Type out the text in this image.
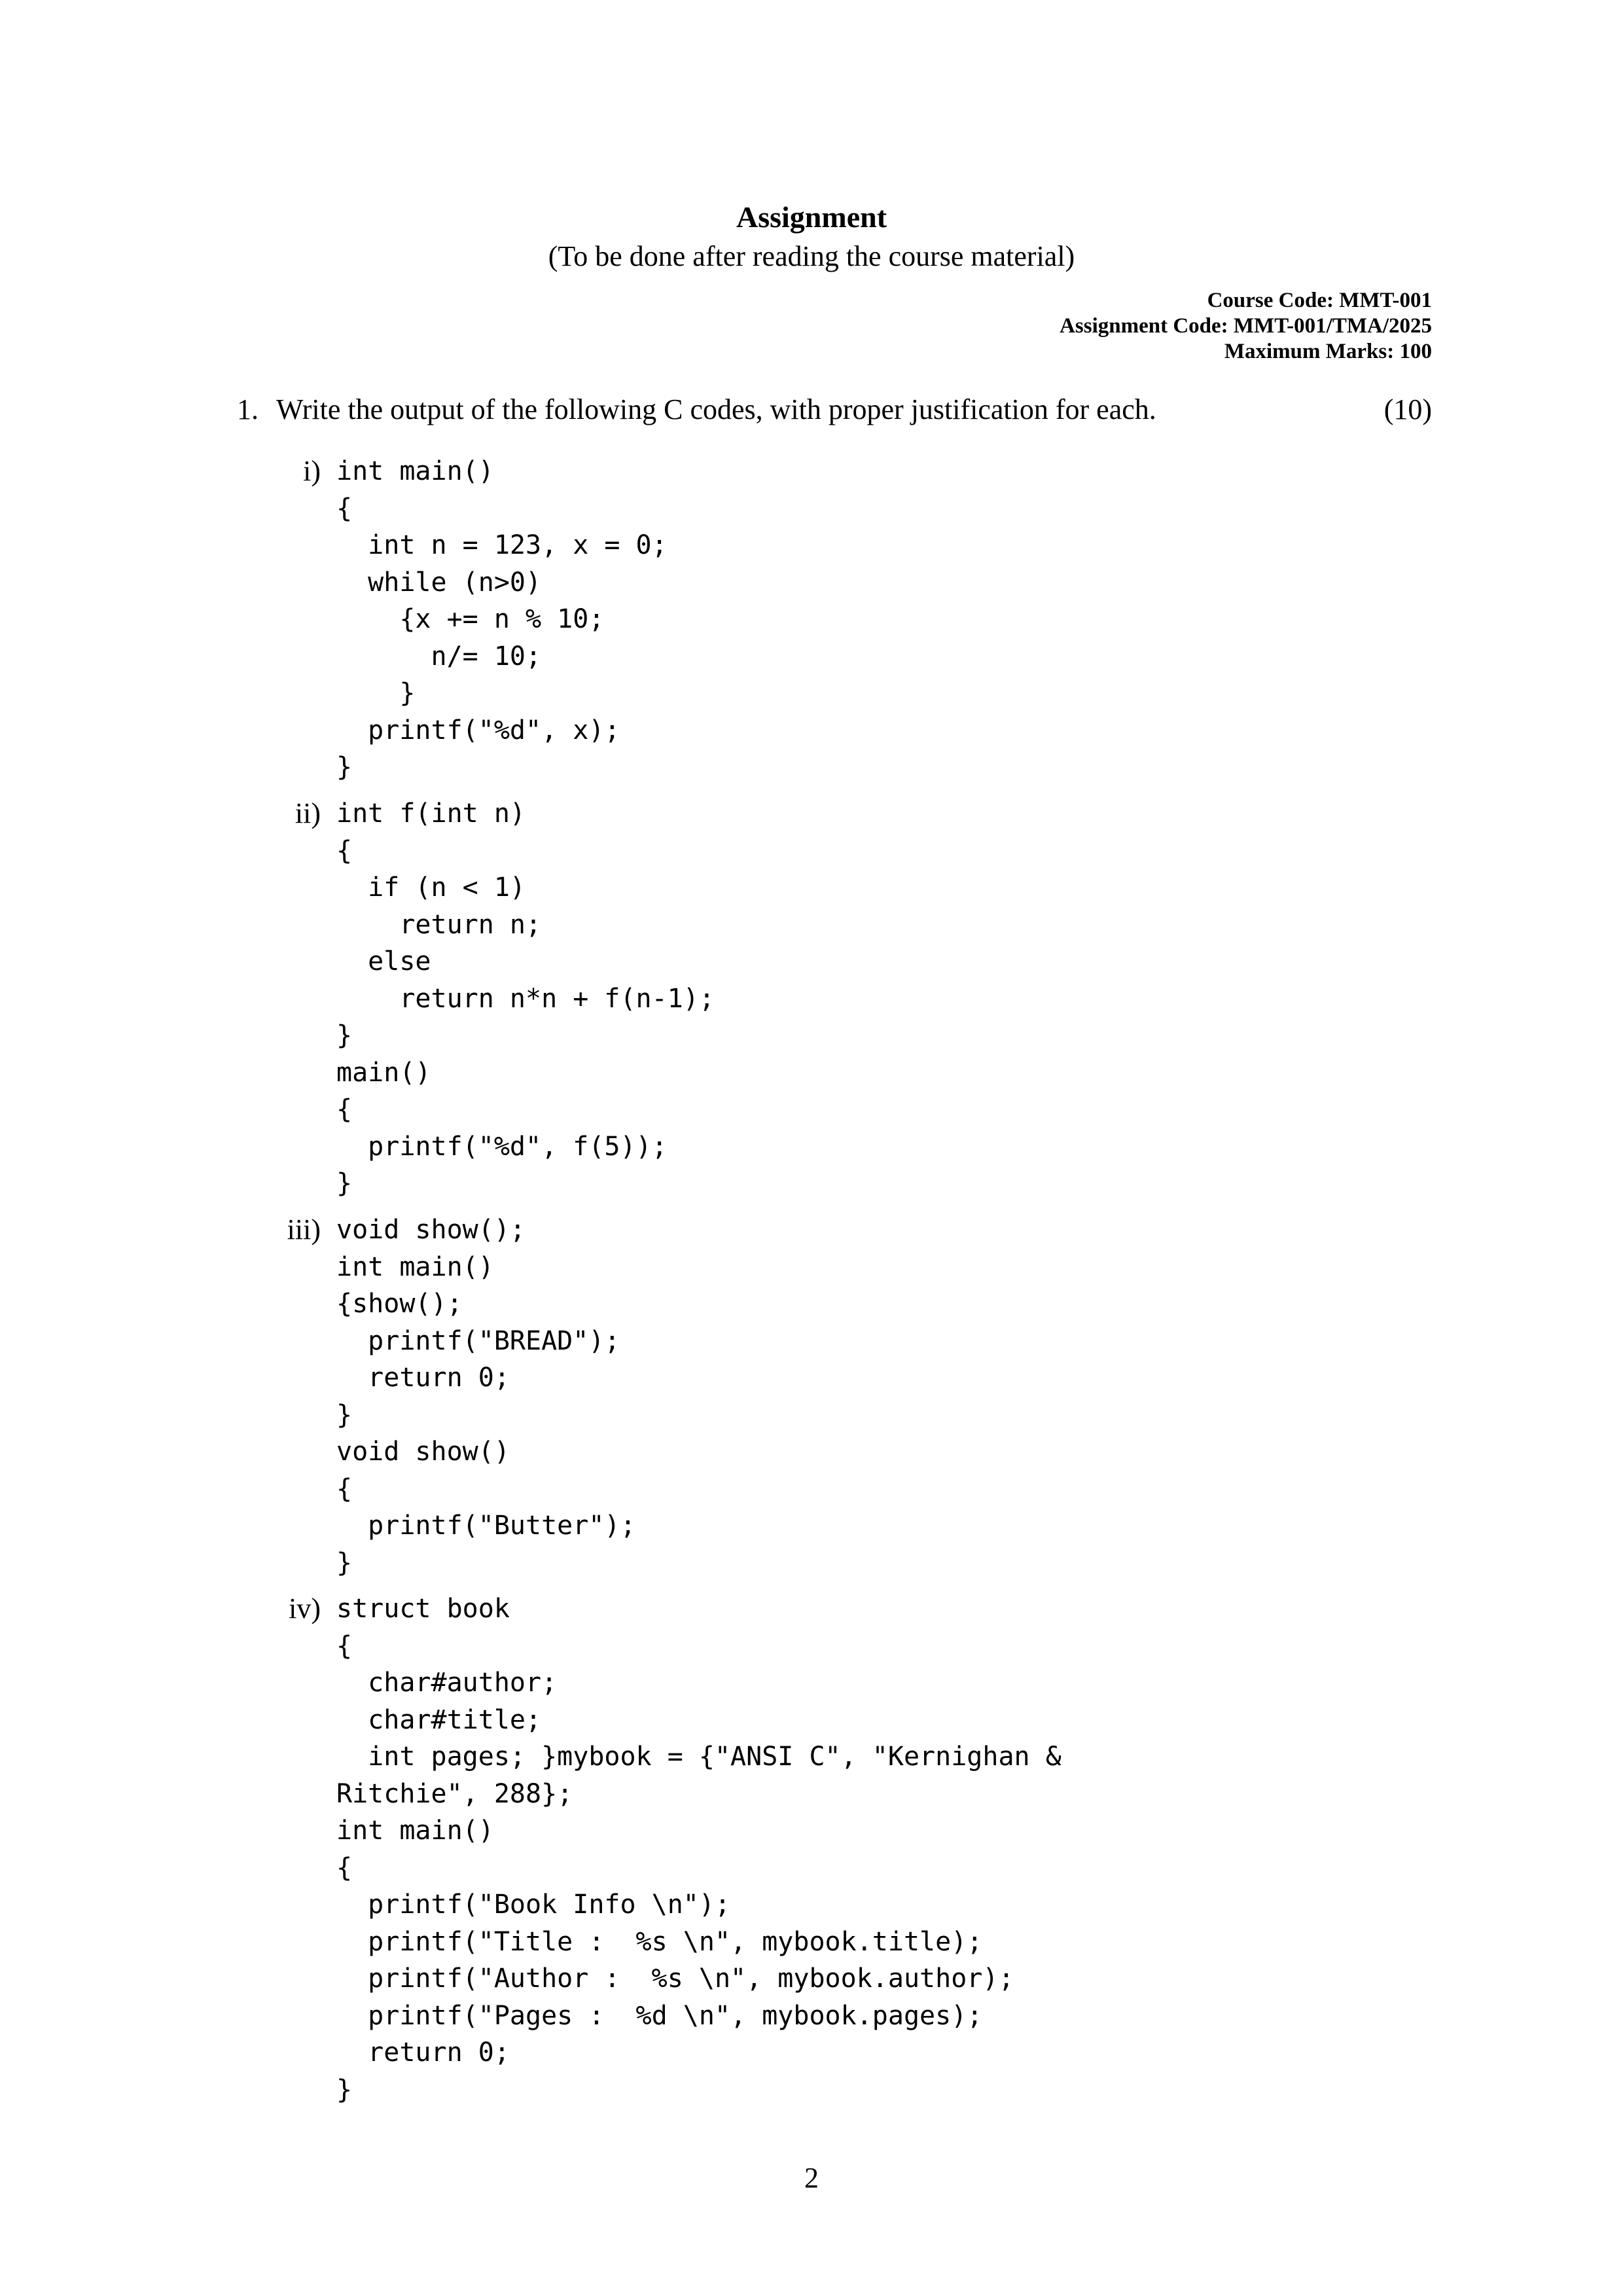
Assignment
(To be done after reading the course material)
Course Code: MMT-001
Assignment Code: MMT-001/TMA/2025
Maximum Marks: 100
1. Write the output of the following C codes, with proper justification for each.	(10)
i) int main()
{
int n = 123, x = 0;
while (n>0)
{x += n % 10;
n/= 10;
}
printf("%d", x);
}
ii) int f(int n)
{
if (n < 1)
return n;
else
return n*n + f(n-1);
}
main()
{
printf("%d", f(5));
}
iii) void show();
int main()
{show();
printf("BREAD");
return 0;
}
void show()
{
printf("Butter");
}
iv) struct book
{
char#author;
char#title;
int pages; }mybook = {"ANSI C", "Kernighan &
Ritchie", 288};
int main()
{
printf("Book Info \n");
printf("Title :  %s \n", mybook.title);
printf("Author :  %s \n", mybook.author);
printf("Pages :  %d \n", mybook.pages);
return 0;
}
2
